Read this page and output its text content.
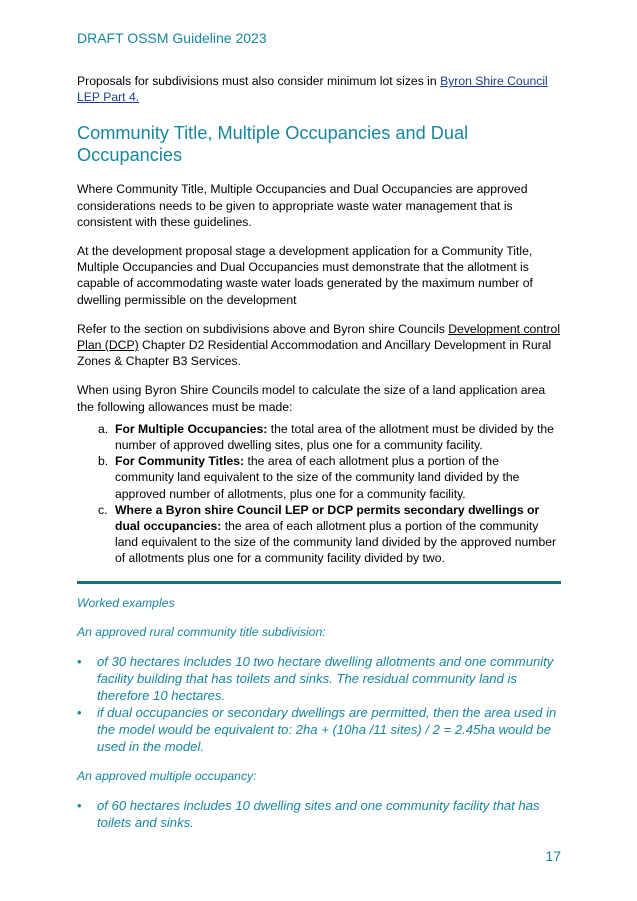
DRAFT OSSM Guideline 2023

Proposals for subdivisions must also consider minimum lot sizes in Byron Shire Council LEP Part 4.

Community Title, Multiple Occupancies and Dual Occupancies

Where Community Title, Multiple Occupancies and Dual Occupancies are approved considerations needs to be given to appropriate waste water management that is consistent with these guidelines.

At the development proposal stage a development application for a Community Title, Multiple Occupancies and Dual Occupancies must demonstrate that the allotment is capable of accommodating waste water loads generated by the maximum number of dwelling permissible on the development

Refer to the section on subdivisions above and Byron shire Councils Development control Plan (DCP) Chapter D2 Residential Accommodation and Ancillary Development in Rural Zones & Chapter B3 Services.

When using Byron Shire Councils model to calculate the size of a land application area the following allowances must be made:

a. For Multiple Occupancies: the total area of the allotment must be divided by the number of approved dwelling sites, plus one for a community facility.
b. For Community Titles: the area of each allotment plus a portion of the community land equivalent to the size of the community land divided by the approved number of allotments, plus one for a community facility.
c. Where a Byron shire Council LEP or DCP permits secondary dwellings or dual occupancies: the area of each allotment plus a portion of the community land equivalent to the size of the community land divided by the approved number of allotments plus one for a community facility divided by two.

Worked examples

An approved rural community title subdivision:

• of 30 hectares includes 10 two hectare dwelling allotments and one community facility building that has toilets and sinks. The residual community land is therefore 10 hectares.
• if dual occupancies or secondary dwellings are permitted, then the area used in the model would be equivalent to: 2ha + (10ha /11 sites) / 2 = 2.45ha would be used in the model.

An approved multiple occupancy:

• of 60 hectares includes 10 dwelling sites and one community facility that has toilets and sinks.
17
